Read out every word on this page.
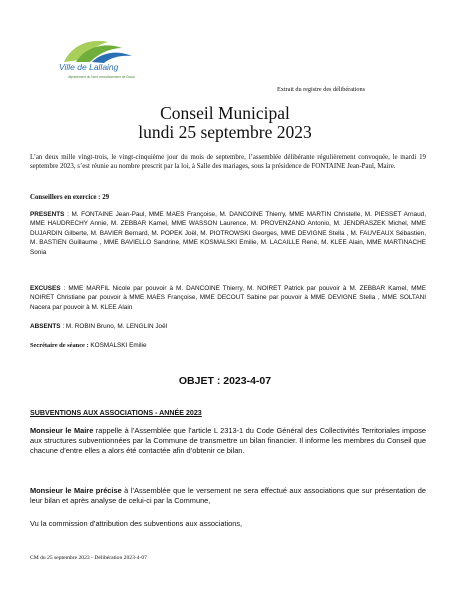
Ville de Lallaing
département du Nord arrondissement de Douai
Extrait du registre des délibérations
Conseil Municipal
lundi 25 septembre 2023
L’an deux mille vingt-trois, le vingt-cinquième jour du mois de septembre, l’assemblée délibérante régulièrement convoquée, le mardi 19 septembre 2023, s’est réunie au nombre prescrit par la loi, à Salle des mariages, sous la présidence de FONTAINE Jean-Paul, Maire.
Conseillers en exercice : 29
PRESENTS : M. FONTAINE Jean-Paul, MME MAES Françoise, M. DANCOINE Thierry, MME MARTIN Christelle, M. PIESSET Arnaud, MME HAUDRECHY Annie, M. ZEBBAR Kamel, MME WASSON Laurence, M. PROVENZANO Antonio, M. JENDRASZEK Michel, MME DUJARDIN Gilberte, M. BAVIER Bernard, M. POPEK Joël, M. PIOTROWSKI Georges, MME DEVIGNE Stella , M. FAUVEAUX Sébastien, M. BASTIEN Guillaume , MME BAVIELLO Sandrine, MME KOSMALSKI Emilie, M. LACAILLE René, M. KLEE Alain, MME MARTINACHE Sonia
EXCUSES : MME MARFIL Nicole par pouvoir à M. DANCOINE Thierry, M. NOIRET Patrick par pouvoir à M. ZEBBAR Kamel, MME NOIRET Christiane par pouvoir à MME MAES Françoise, MME DECOUT Sabine par pouvoir à MME DEVIGNE Stella , MME SOLTANI Nacera par pouvoir à M. KLEE Alain
ABSENTS : M. ROBIN Bruno, M. LENGLIN Joël
Secrétaire de séance : KOSMALSKI Emilie
OBJET : 2023-4-07
SUBVENTIONS AUX ASSOCIATIONS - ANNÉE 2023
Monsieur le Maire rappelle à l’Assemblée que l’article L 2313-1 du Code Général des Collectivités Territoriales impose aux structures subventionnées par la Commune de transmettre un bilan financier. Il informe les membres du Conseil que chacune d’entre elles a alors été contactée afin d’obtenir ce bilan.
Monsieur le Maire précise à l’Assemblée que le versement ne sera effectué aux associations que sur présentation de leur bilan et après analyse de celui-ci par la Commune,
Vu la commission d’attribution des subventions aux associations,
CM du 25 septembre 2023 - Délibération 2023-4-07
